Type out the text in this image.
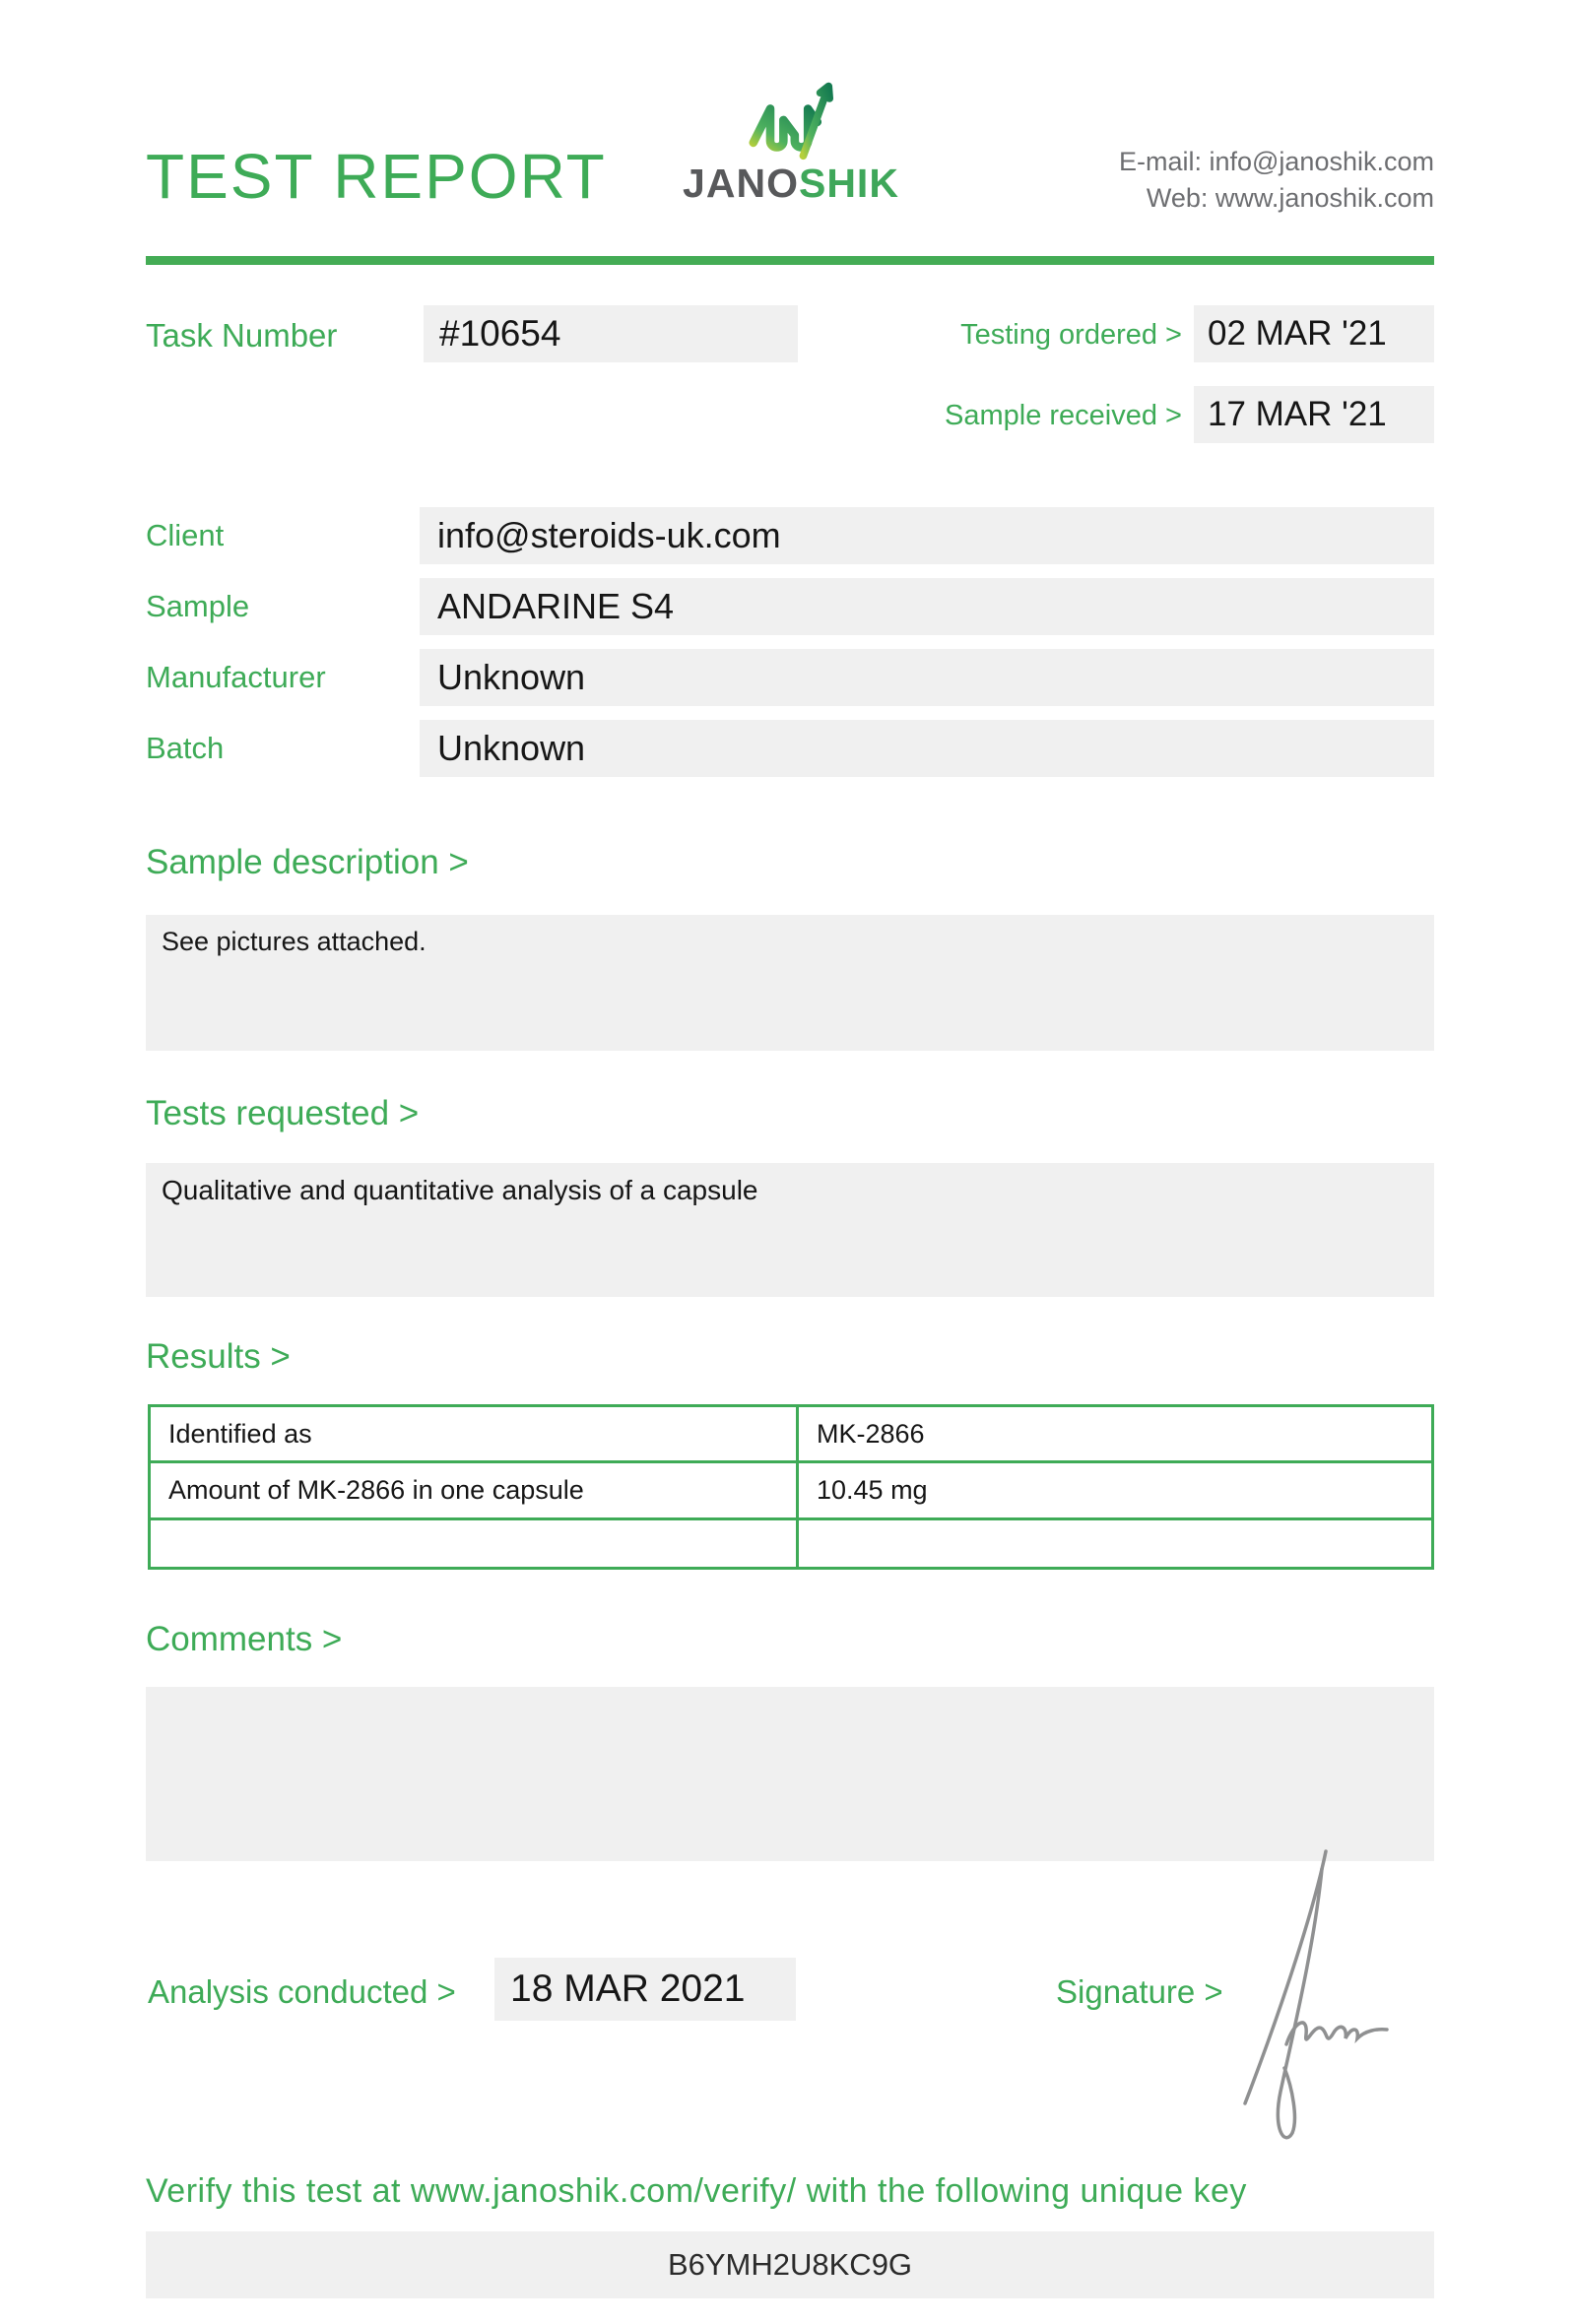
TEST REPORT JANOSHIK	E-mail: info@janoshik.com
Web: www.janoshik.com
Task Number	#10654	Testing ordered > 02 MAR '21
Sample received > 17 MAR '21
Client	info@steroids-uk.com
Sample	ANDARINE S4
Manufacturer	Unknown
Batch	Unknown
Sample description >
See pictures attached.
Tests requested >
Qualitative and quantitative analysis of a capsule
Results >
Identified as	MK-2866
Amount of MK-2866 in one capsule	10.45 mg

Comments >
Analysis conducted >	18 MAR 2021	Signature >
Verify this test at www.janoshik.com/verify/ with the following unique key
B6YMH2U8KC9G
